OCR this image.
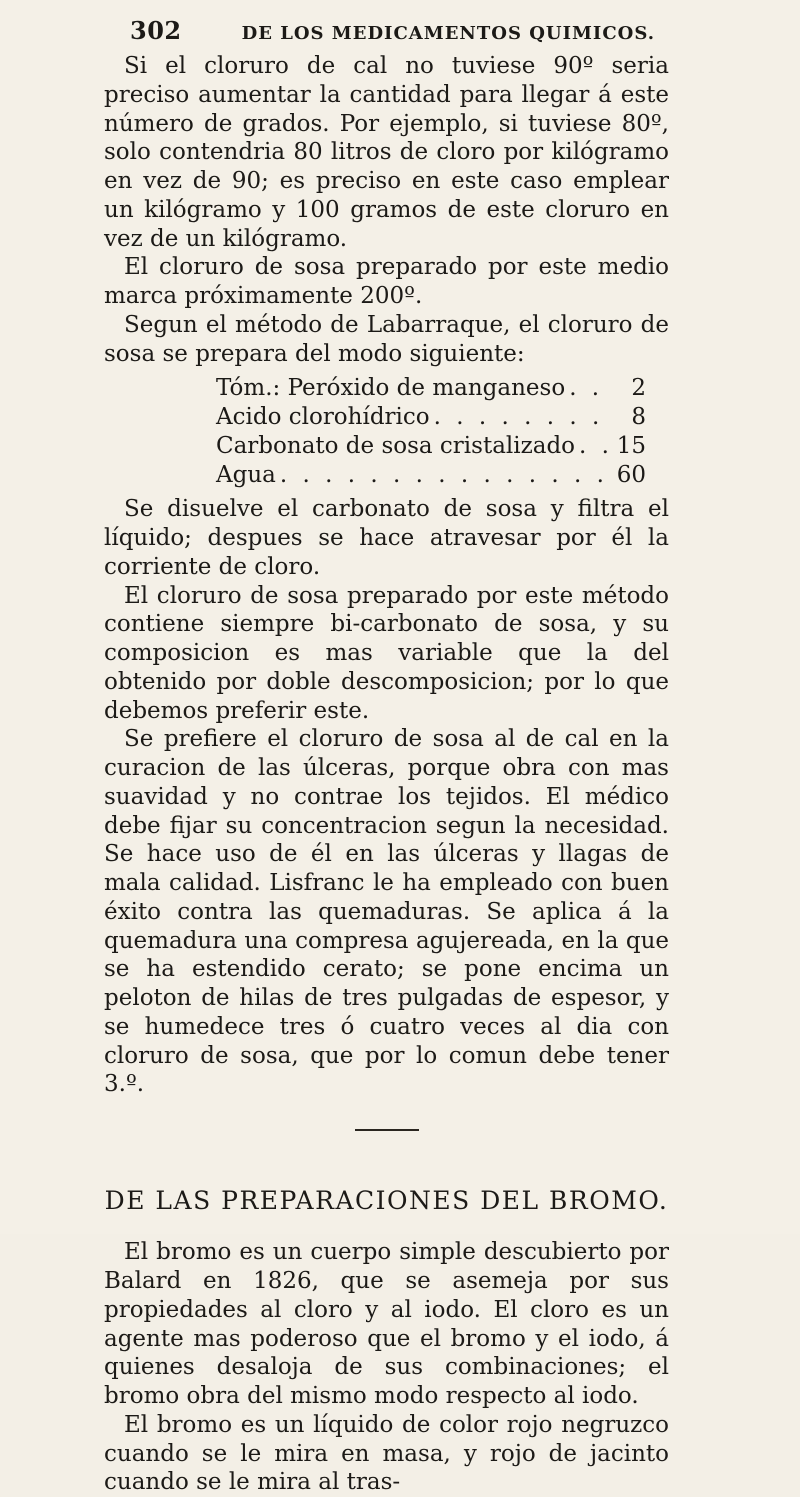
302	DE LOS MEDICAMENTOS QUIMICOS.

Si el cloruro de cal no tuviese 90º seria preciso aumentar la cantidad para llegar á este número de grados. Por ejemplo, si tuviese 80º, solo contendria 80 litros de cloro por kilógramo en vez de 90; es preciso en este caso emplear un kilógramo y 100 gramos de este cloruro en vez de un kilógramo.

El cloruro de sosa preparado por este medio marca próximamente 200º.

Segun el método de Labarraque, el cloruro de sosa se prepara del modo siguiente:

Tóm.: Peróxido de manganeso . . .	2
Acido clorohídrico . . .	8
Carbonato de sosa cristalizado . . . 15
Agua . . .	60

Se disuelve el carbonato de sosa y filtra el líquido; despues se hace atravesar por él la corriente de cloro.

El cloruro de sosa preparado por este método contiene siempre bi-carbonato de sosa, y su composicion es mas variable que la del obtenido por doble descomposicion; por lo que debemos preferir este.

Se prefiere el cloruro de sosa al de cal en la curacion de las úlceras, porque obra con mas suavidad y no contrae los tejidos. El médico debe fijar su concentracion segun la necesidad. Se hace uso de él en las úlceras y llagas de mala calidad. Lisfranc le ha empleado con buen éxito contra las quemaduras. Se aplica á la quemadura una compresa agujereada, en la que se ha estendido cerato; se pone encima un peloton de hilas de tres pulgadas de espesor, y se humedece tres ó cuatro veces al dia con cloruro de sosa, que por lo comun debe tener 3.º.

DE LAS PREPARACIONES DEL BROMO.

El bromo es un cuerpo simple descubierto por Balard en 1826, que se asemeja por sus propiedades al cloro y al iodo. El cloro es un agente mas poderoso que el bromo y el iodo, á quienes desaloja de sus combinaciones; el bromo obra del mismo modo respecto al iodo.

El bromo es un líquido de color rojo negruzco cuando se le mira en masa, y rojo de jacinto cuando se le mira al tras-
